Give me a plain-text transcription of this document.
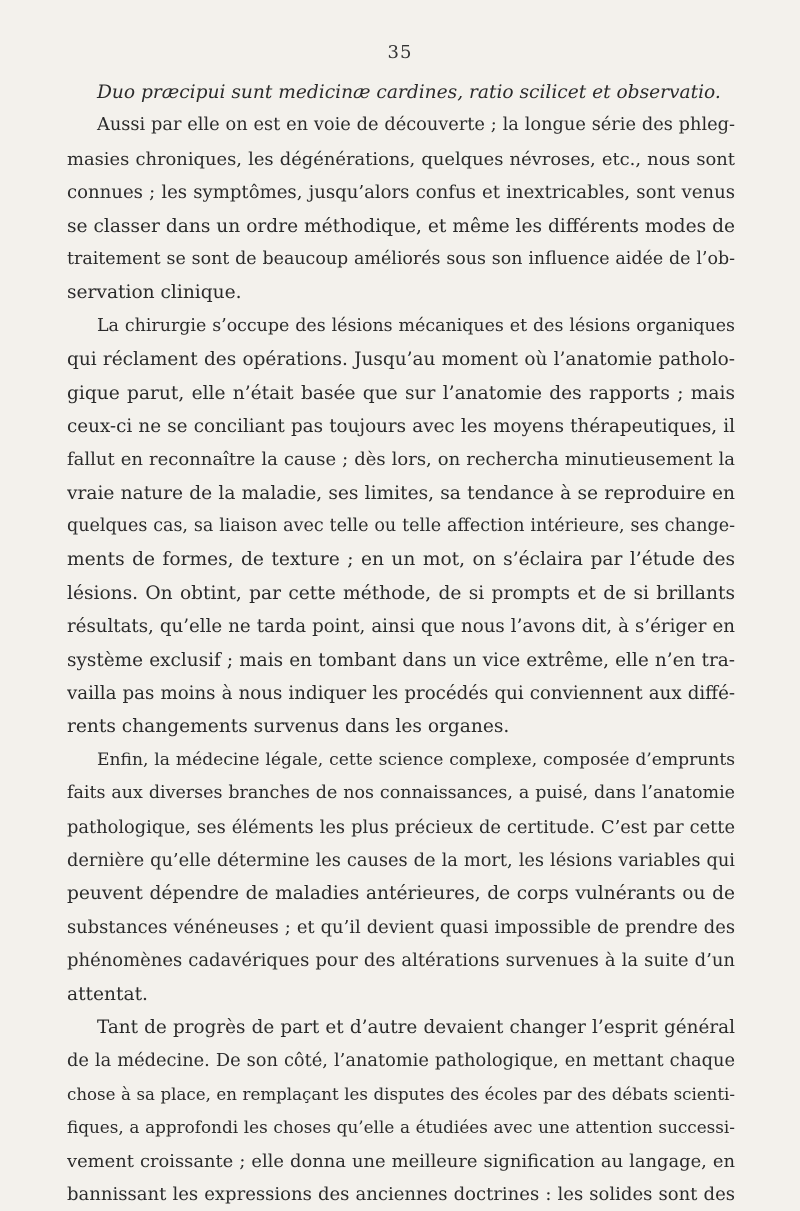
35
Duo præcipui sunt medicinæ cardines, ratio scilicet et observatio.
Aussi par elle on est en voie de découverte ; la longue série des phleg-
masies chroniques, les dégénérations, quelques névroses, etc., nous sont
connues ; les symptômes, jusqu’alors confus et inextricables, sont venus
se classer dans un ordre méthodique, et même les différents modes de
traitement se sont de beaucoup améliorés sous son influence aidée de l’ob-
servation clinique.
La chirurgie s’occupe des lésions mécaniques et des lésions organiques
qui réclament des opérations. Jusqu’au moment où l’anatomie patholo-
gique parut, elle n’était basée que sur l’anatomie des rapports ; mais
ceux-ci ne se conciliant pas toujours avec les moyens thérapeutiques, il
fallut en reconnaître la cause ; dès lors, on rechercha minutieusement la
vraie nature de la maladie, ses limites, sa tendance à se reproduire en
quelques cas, sa liaison avec telle ou telle affection intérieure, ses change-
ments de formes, de texture ; en un mot, on s’éclaira par l’étude des
lésions. On obtint, par cette méthode, de si prompts et de si brillants
résultats, qu’elle ne tarda point, ainsi que nous l’avons dit, à s’ériger en
système exclusif ; mais en tombant dans un vice extrême, elle n’en tra-
vailla pas moins à nous indiquer les procédés qui conviennent aux diffé-
rents changements survenus dans les organes.
Enfin, la médecine légale, cette science complexe, composée d’emprunts
faits aux diverses branches de nos connaissances, a puisé, dans l’anatomie
pathologique, ses éléments les plus précieux de certitude. C’est par cette
dernière qu’elle détermine les causes de la mort, les lésions variables qui
peuvent dépendre de maladies antérieures, de corps vulnérants ou de
substances vénéneuses ; et qu’il devient quasi impossible de prendre des
phénomènes cadavériques pour des altérations survenues à la suite d’un
attentat.
Tant de progrès de part et d’autre devaient changer l’esprit général
de la médecine. De son côté, l’anatomie pathologique, en mettant chaque
chose à sa place, en remplaçant les disputes des écoles par des débats scienti-
fiques, a approfondi les choses qu’elle a étudiées avec une attention successi-
vement croissante ; elle donna une meilleure signification au langage, en
bannissant les expressions des anciennes doctrines : les solides sont des
